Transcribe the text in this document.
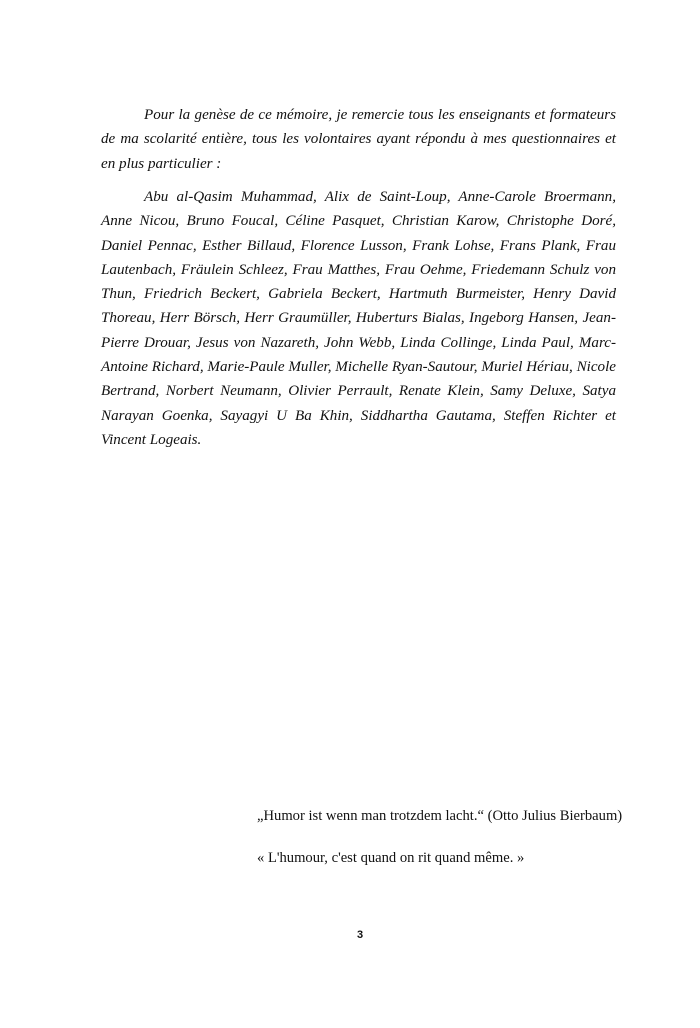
Pour la genèse de ce mémoire, je remercie tous les enseignants et formateurs de ma scolarité entière, tous les volontaires ayant répondu à mes questionnaires et en plus particulier :

Abu al-Qasim Muhammad, Alix de Saint-Loup, Anne-Carole Broermann, Anne Nicou, Bruno Foucal, Céline Pasquet, Christian Karow, Christophe Doré, Daniel Pennac, Esther Billaud, Florence Lusson, Frank Lohse, Frans Plank, Frau Lautenbach, Fräulein Schleez, Frau Matthes, Frau Oehme, Friedemann Schulz von Thun, Friedrich Beckert, Gabriela Beckert, Hartmuth Burmeister, Henry David Thoreau, Herr Börsch, Herr Graumüller, Huberturs Bialas, Ingeborg Hansen, Jean-Pierre Drouar, Jesus von Nazareth, John Webb, Linda Collinge, Linda Paul, Marc-Antoine Richard, Marie-Paule Muller, Michelle Ryan-Sautour, Muriel Hériau, Nicole Bertrand, Norbert Neumann, Olivier Perrault, Renate Klein, Samy Deluxe, Satya Narayan Goenka, Sayagyi U Ba Khin, Siddhartha Gautama, Steffen Richter et Vincent Logeais.

„Humor ist wenn man trotzdem lacht.“ (Otto Julius Bierbaum)

« L'humour, c'est quand on rit quand même. »

3
